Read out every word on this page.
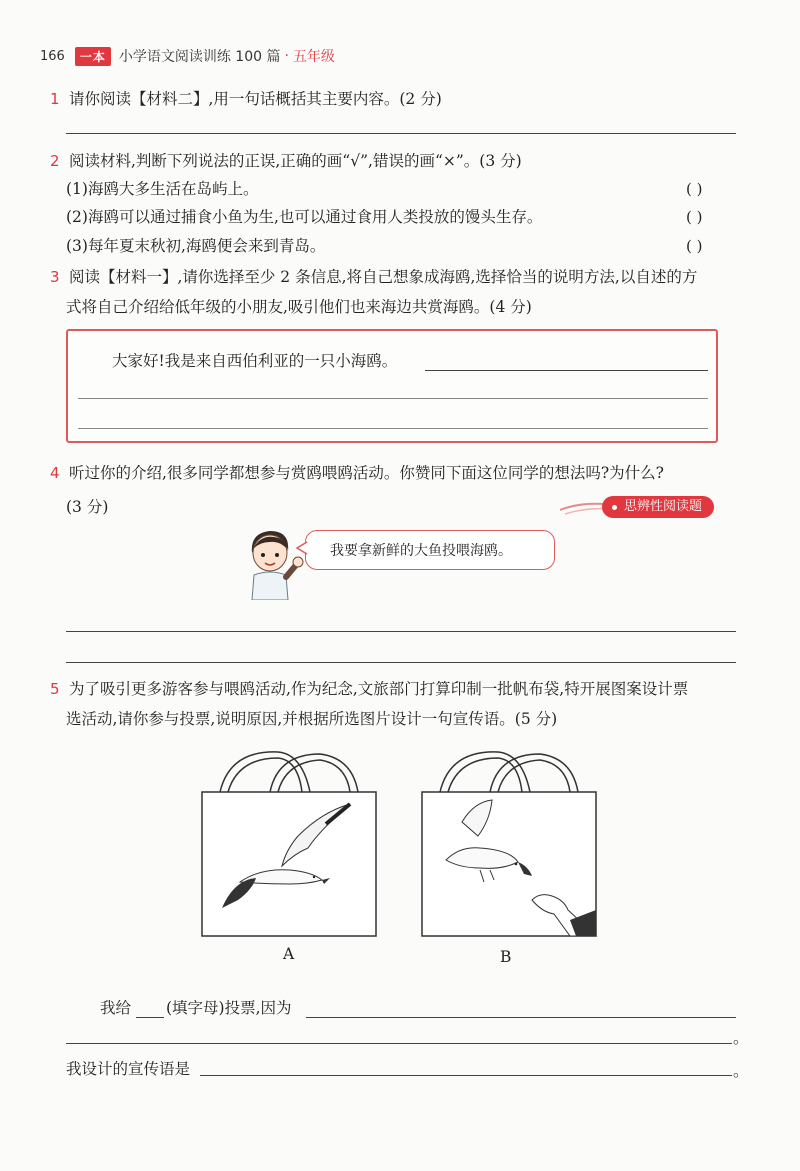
166	一本 小学语文阅读训练 100 篇 · 五年级
1 请你阅读【材料二】,用一句话概括其主要内容。(2 分)
2 阅读材料,判断下列说法的正误,正确的画“√”,错误的画“×”。(3 分)
(1)海鸥大多生活在岛屿上。	( )
(2)海鸥可以通过捕食小鱼为生,也可以通过食用人类投放的馒头生存。	( )
(3)每年夏末秋初,海鸥便会来到青岛。	( )
3 阅读【材料一】,请你选择至少 2 条信息,将自己想象成海鸥,选择恰当的说明方法,以自述的方
式将自己介绍给低年级的小朋友,吸引他们也来海边共赏海鸥。(4 分)
大家好!我是来自西伯利亚的一只小海鸥。
4 听过你的介绍,很多同学都想参与赏鸥喂鸥活动。你赞同下面这位同学的想法吗?为什么?
(3 分)	思辨性阅读题
我要拿新鲜的大鱼投喂海鸥。
5 为了吸引更多游客参与喂鸥活动,作为纪念,文旅部门打算印制一批帆布袋,特开展图案设计票
选活动,请你参与投票,说明原因,并根据所选图片设计一句宣传语。(5 分)
A	B
我给 (填字母)投票,因为
。
我设计的宣传语是	。
